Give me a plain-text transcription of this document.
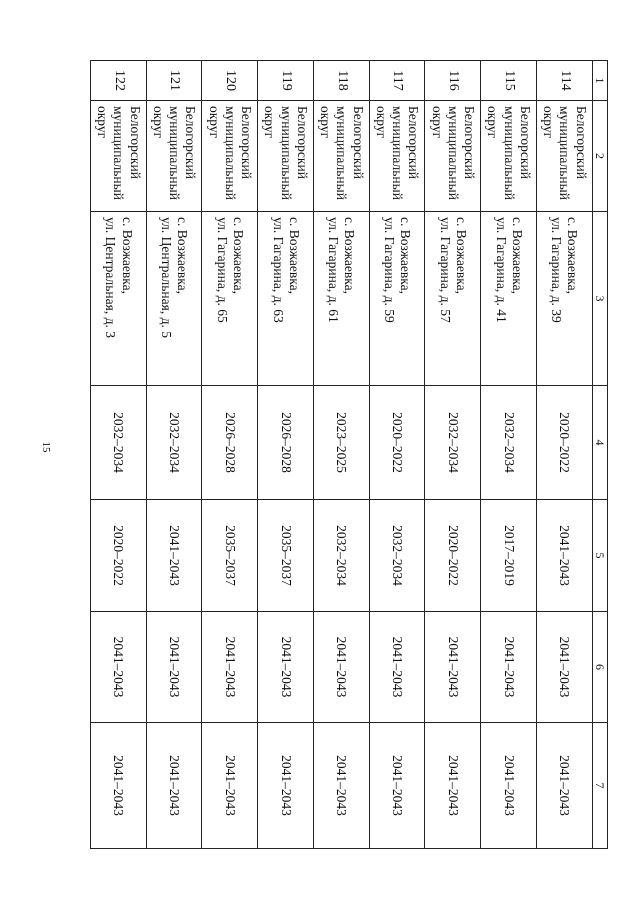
15
1	2	3	4	5	6	7
114	Белогорский
муниципальный
округ	с. Возжаевка,
ул. Гагарина, д. 39	2020–2022	2041–2043	2041–2043	2041–2043
115	Белогорский
муниципальный
округ	с. Возжаевка,
ул. Гагарина, д. 41	2032–2034	2017–2019	2041–2043	2041–2043
116	Белогорский
муниципальный
округ	с. Возжаевка,
ул. Гагарина, д. 57	2032–2034	2020–2022	2041–2043	2041–2043
117	Белогорский
муниципальный
округ	с. Возжаевка,
ул. Гагарина, д. 59	2020–2022	2032–2034	2041–2043	2041–2043
118	Белогорский
муниципальный
округ	с. Возжаевка,
ул. Гагарина, д. 61	2023–2025	2032–2034	2041–2043	2041–2043
119	Белогорский
муниципальный
округ	с. Возжаевка,
ул. Гагарина, д. 63	2026–2028	2035–2037	2041–2043	2041–2043
120	Белогорский
муниципальный
округ	с. Возжаевка,
ул. Гагарина, д. 65	2026–2028	2035–2037	2041–2043	2041–2043
121	Белогорский
муниципальный
округ	с. Возжаевка,
ул. Центральная, д. 5	2032–2034	2041–2043	2041–2043	2041–2043
122	Белогорский
муниципальный
округ	с. Возжаевка,
ул. Центральная, д. 3	2032–2034	2020–2022	2041–2043	2041–2043
